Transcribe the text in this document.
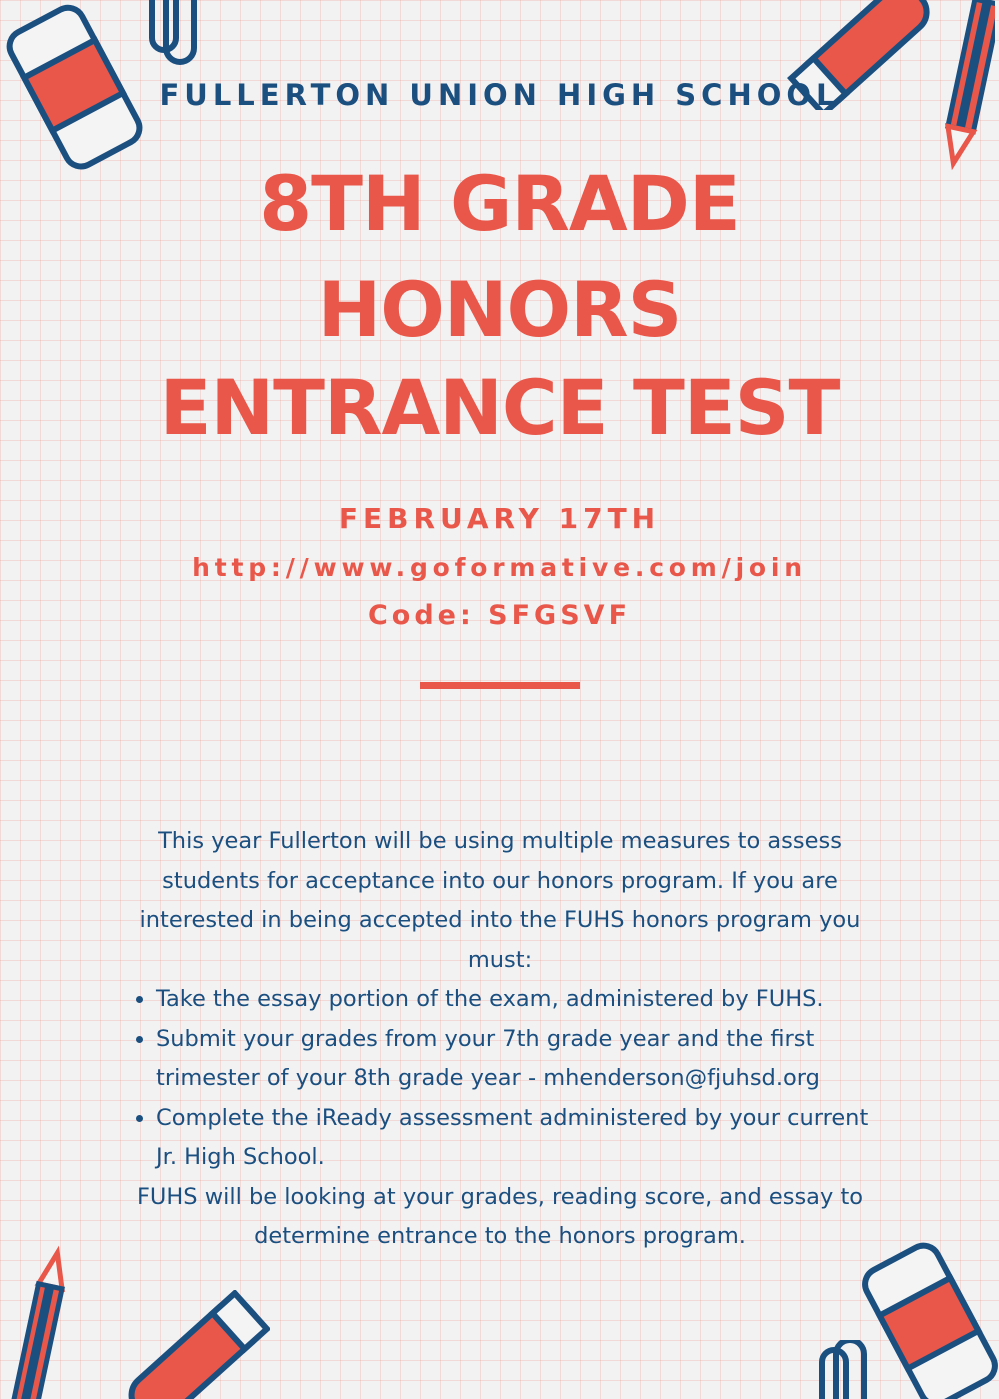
FULLERTON UNION HIGH SCHOOL
8TH GRADE
HONORS
ENTRANCE TEST
FEBRUARY 17TH
http://www.goformative.com/join
Code: SFGSVF

This year Fullerton will be using multiple measures to assess students for acceptance into our honors program. If you are interested in being accepted into the FUHS honors program you must:

• Take the essay portion of the exam, administered by FUHS.
• Submit your grades from your 7th grade year and the first trimester of your 8th grade year - mhenderson@fjuhsd.org
• Complete the iReady assessment administered by your current Jr. High School.

FUHS will be looking at your grades, reading score, and essay to determine entrance to the honors program.
